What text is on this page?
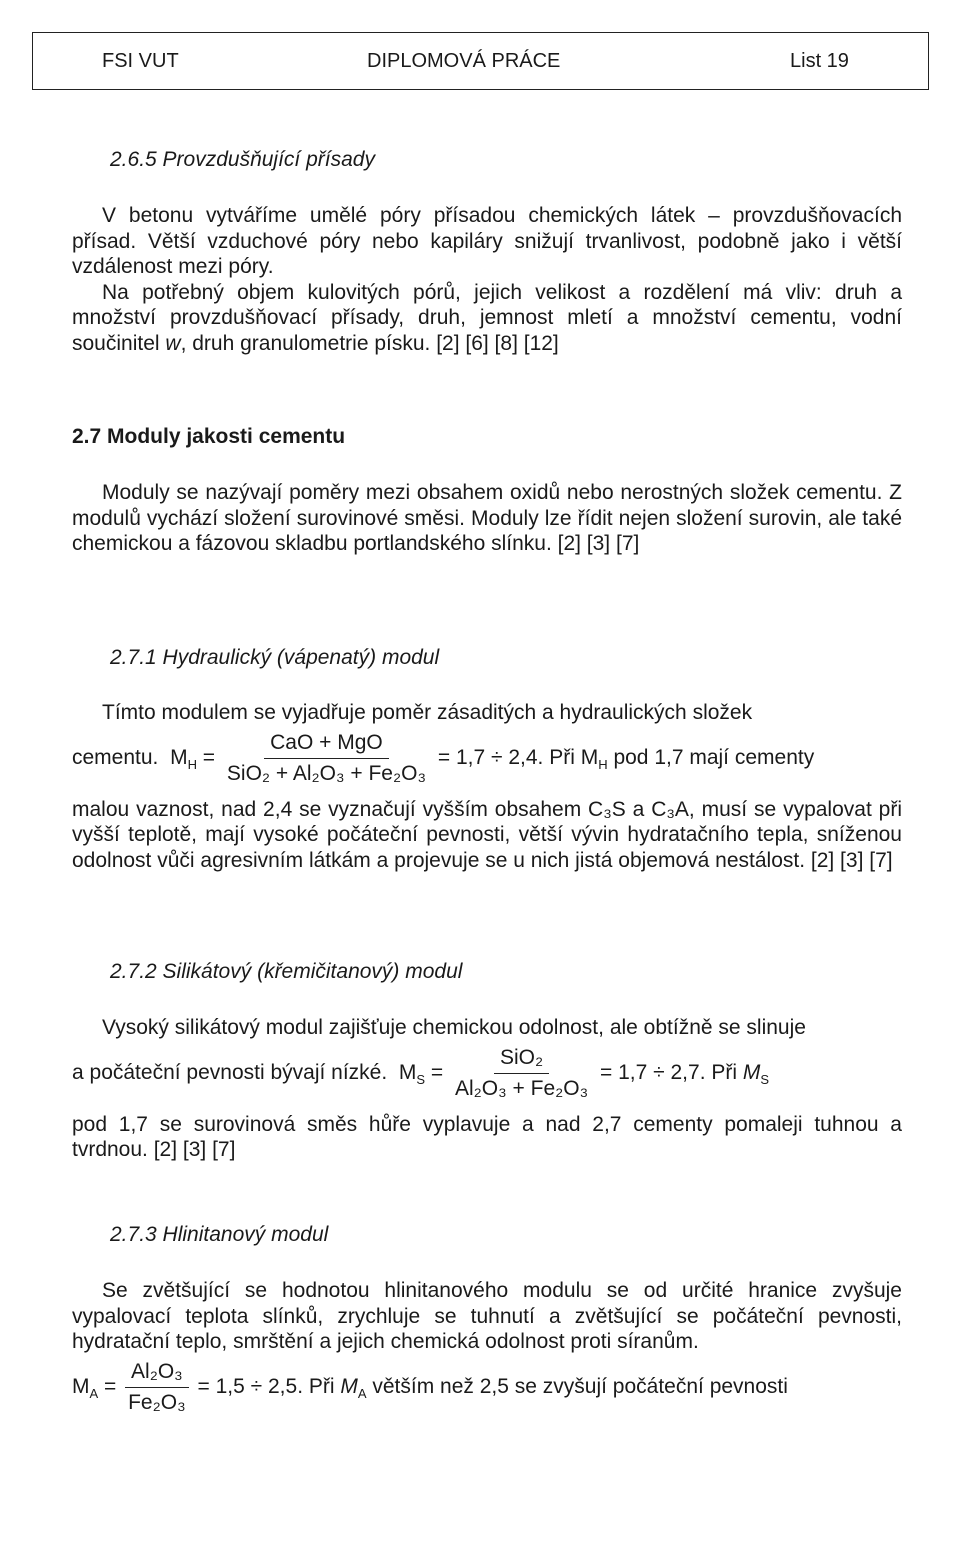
FSI VUT	DIPLOMOVÁ PRÁCE	List 19
2.6.5 Provzdušňující přísady

V betonu vytváříme umělé póry přísadou chemických látek – provzdušňovacích přísad. Větší vzduchové póry nebo kapiláry snižují trvanlivost, podobně jako i větší vzdálenost mezi póry.

Na potřebný objem kulovitých pórů, jejich velikost a rozdělení má vliv: druh a množství provzdušňovací přísady, druh, jemnost mletí a množství cementu, vodní součinitel w, druh granulometrie písku. [2] [6] [8] [12]

2.7 Moduly jakosti cementu

Moduly se nazývají poměry mezi obsahem oxidů nebo nerostných složek cementu. Z modulů vychází složení surovinové směsi. Moduly lze řídit nejen složení surovin, ale také chemickou a fázovou skladbu portlandského slínku. [2] [3] [7]

2.7.1 Hydraulický (vápenatý) modul

Tímto modulem se vyjadřuje poměr zásaditých a hydraulických složek

cementu. $M_H = \frac{\text{CaO + MgO}}{\text{SiO₂ + Al₂O₃ + Fe₂O₃}} = 1,7 \div 2,4$. Při $M_H$ pod 1,7 mají cementy

malou vaznost, nad 2,4 se vyznačují vyšším obsahem C₃S a C₃A, musí se vypalovat při vyšší teplotě, mají vysoké počáteční pevnosti, větší vývin hydratačního tepla, sníženou odolnost vůči agresivním látkám a projevuje se u nich jistá objemová nestálost. [2] [3] [7]

2.7.2 Silikátový (křemičitanový) modul

Vysoký silikátový modul zajišťuje chemickou odolnost, ale obtížně se slinuje

a počáteční pevnosti bývají nízké. $M_S = \frac{\text{SiO₂}}{\text{Al₂O₃ + Fe₂O₃}} = 1,7 \div 2,7$. Při $M_S$

pod 1,7 se surovinová směs hůře vyplavuje a nad 2,7 cementy pomaleji tuhnou a tvrdnou. [2] [3] [7]

2.7.3 Hlinitanový modul

Se zvětšující se hodnotou hlinitanového modulu se od určité hranice zvyšuje vypalovací teplota slínků, zrychluje se tuhnutí a zvětšující se počáteční pevnosti, hydratační teplo, smrštění a jejich chemická odolnost proti síranům.

$M_A = \frac{\text{Al₂O₃}}{\text{Fe₂O₃}} = 1,5 \div 2,5$. Při $M_A$ větším než 2,5 se zvyšují počáteční pevnosti
